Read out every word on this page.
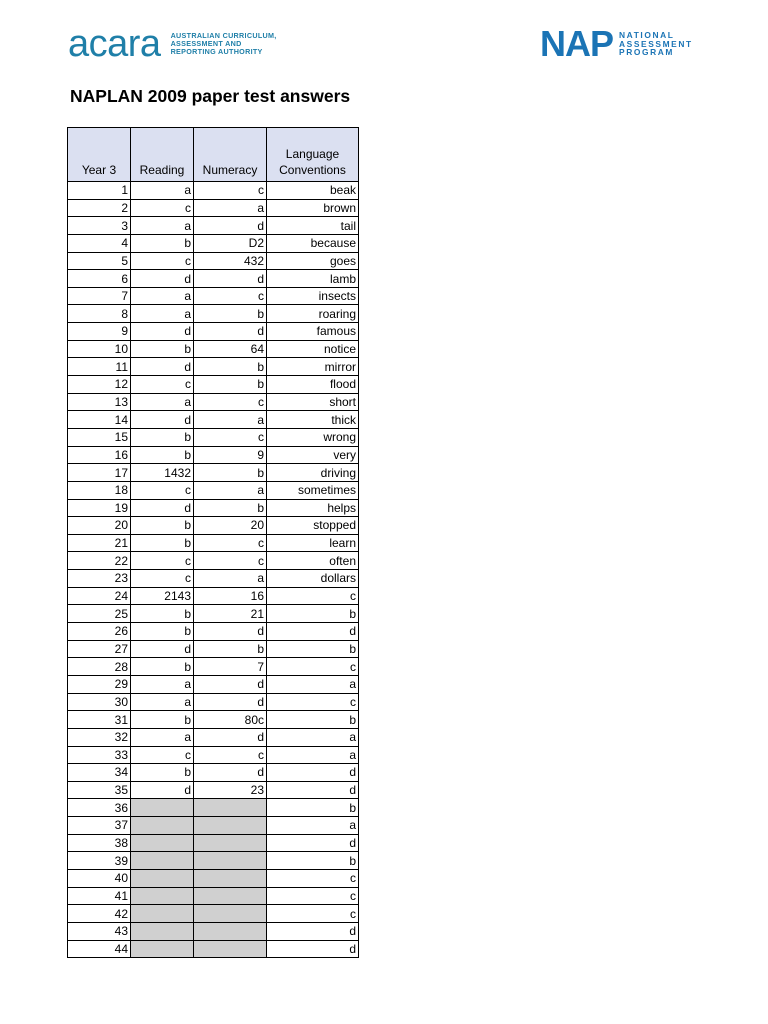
acara AUSTRALIAN CURRICULUM,
ASSESSMENT AND
REPORTING AUTHORITY	NAP NATIONAL
ASSESSMENT
PROGRAM
NAPLAN 2009 paper test answers
Year 3	Reading	Numeracy	Language Conventions
1	a	c	beak
2	c	a	brown
3	a	d	tail
4	b	D2	because
5	c	432	goes
6	d	d	lamb
7	a	c	insects
8	a	b	roaring
9	d	d	famous
10	b	64	notice
11	d	b	mirror
12	c	b	flood
13	a	c	short
14	d	a	thick
15	b	c	wrong
16	b	9	very
17	1432	b	driving
18	c	a	sometimes
19	d	b	helps
20	b	20	stopped
21	b	c	learn
22	c	c	often
23	c	a	dollars
24	2143	16	c
25	b	21	b
26	b	d	d
27	d	b	b
28	b	7	c
29	a	d	a
30	a	d	c
31	b	80c	b
32	a	d	a
33	c	c	a
34	b	d	d
35	d	23	d
36			b
37			a
38			d
39			b
40			c
41			c
42			c
43			d
44			d
